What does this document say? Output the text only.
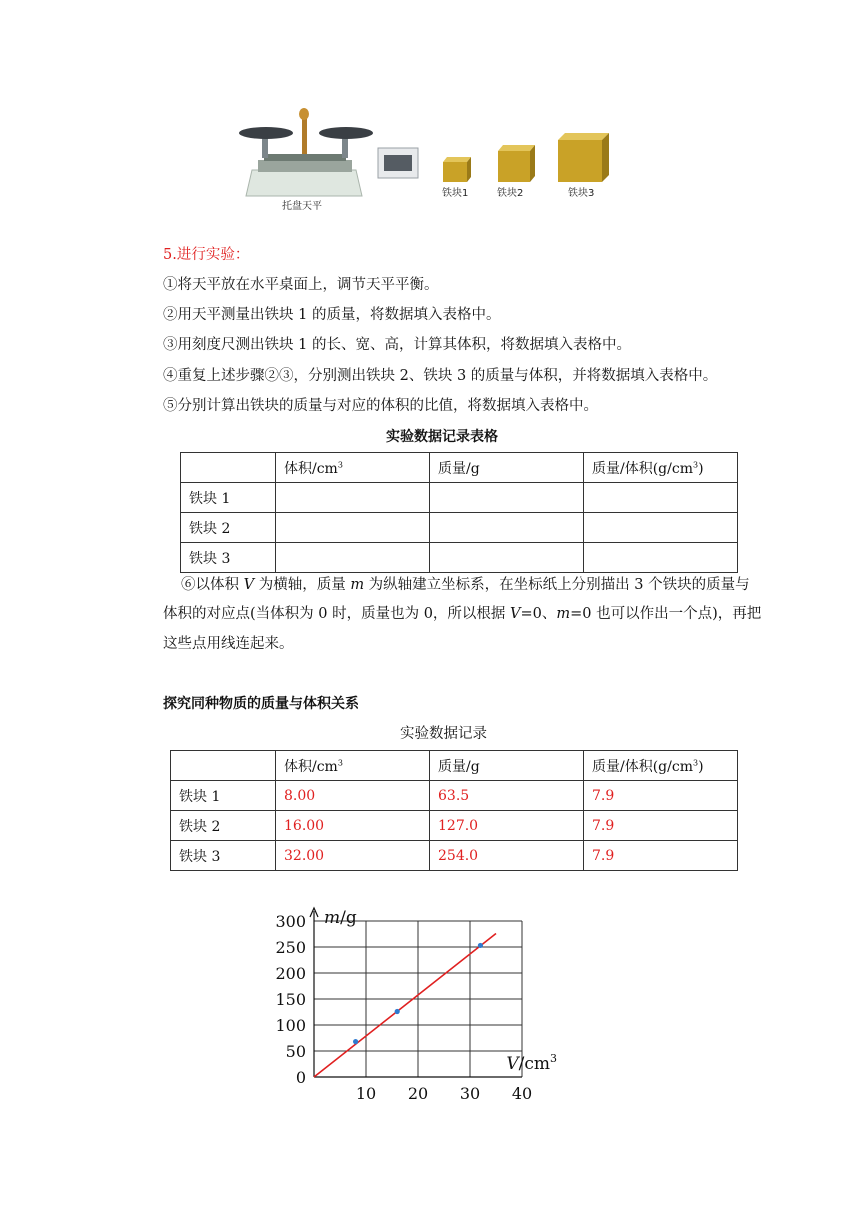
托盘天平
铁块1	铁块2	铁块3
5.进行实验：
①将天平放在水平桌面上，调节天平平衡。
②用天平测量出铁块 1 的质量，将数据填入表格中。
③用刻度尺测出铁块 1 的长、宽、高，计算其体积，将数据填入表格中。
④重复上述步骤②③，分别测出铁块 2、铁块 3 的质量与体积，并将数据填入表格中。
⑤分别计算出铁块的质量与对应的体积的比值，将数据填入表格中。
实验数据记录表格
	体积$/cm^3$	质量/g	质量/体积$(g/cm^3)$
铁块 1			
铁块 2			
铁块 3			
⑥以体积 V 为横轴，质量 m 为纵轴建立坐标系，在坐标纸上分别描出 3 个铁块的质量与
体积的对应点(当体积为 0 时，质量也为 0，所以根据 V=0、m=0 也可以作出一个点)，再把
这些点用线连起来。
探究同种物质的质量与体积关系
实验数据记录
	体积$/cm^3$	质量/g	质量/体积$(g/cm^3)$
铁块 1	8.00	63.5	7.9
铁块 2	16.00	127.0	7.9
铁块 3	32.00	254.0	7.9
0
50
100
150
200
250
300
10 20 30 40
m/g
$V/cm^3$
